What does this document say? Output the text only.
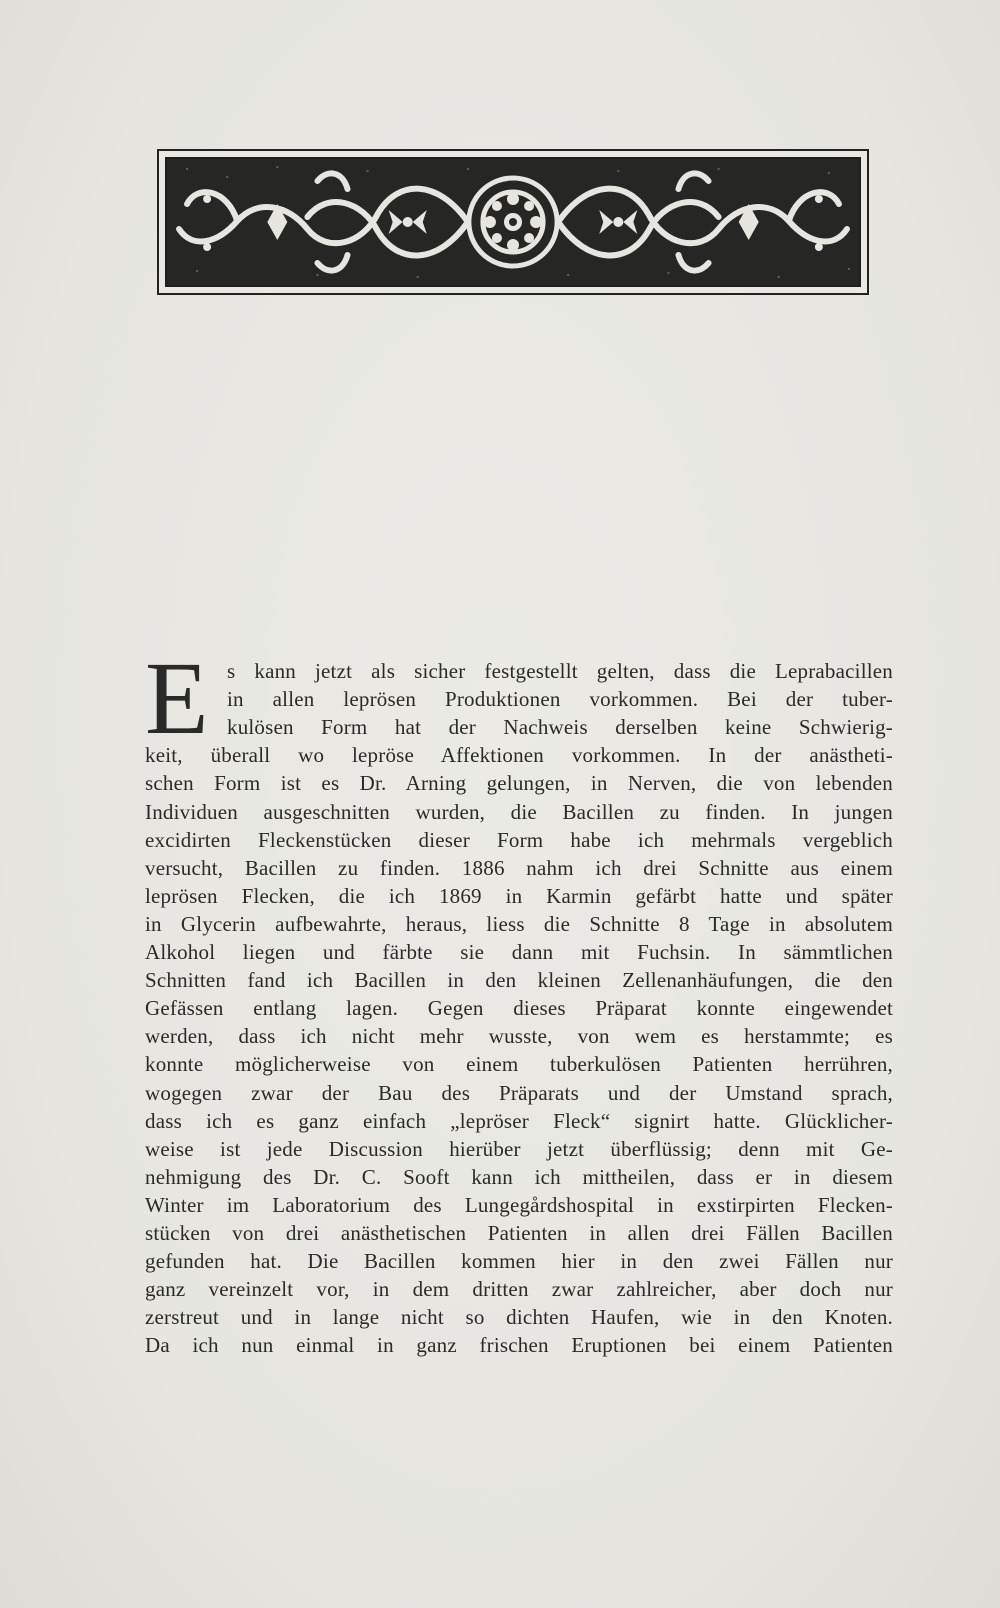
E s kann jetzt als sicher festgestellt gelten, dass die Leprabacillen
in allen leprösen Produktionen vorkommen. Bei der tuber-
kulösen Form hat der Nachweis derselben keine Schwierig-
keit, überall wo lepröse Affektionen vorkommen. In der anästheti-
schen Form ist es Dr. Arning gelungen, in Nerven, die von lebenden
Individuen ausgeschnitten wurden, die Bacillen zu finden. In jungen
excidirten Fleckenstücken dieser Form habe ich mehrmals vergeblich
versucht, Bacillen zu finden. 1886 nahm ich drei Schnitte aus einem
leprösen Flecken, die ich 1869 in Karmin gefärbt hatte und später
in Glycerin aufbewahrte, heraus, liess die Schnitte 8 Tage in absolutem
Alkohol liegen und färbte sie dann mit Fuchsin. In sämmtlichen
Schnitten fand ich Bacillen in den kleinen Zellenanhäufungen, die den
Gefässen entlang lagen. Gegen dieses Präparat konnte eingewendet
werden, dass ich nicht mehr wusste, von wem es herstammte; es
konnte möglicherweise von einem tuberkulösen Patienten herrühren,
wogegen zwar der Bau des Präparats und der Umstand sprach,
dass ich es ganz einfach „lepröser Fleck“ signirt hatte. Glücklicher-
weise ist jede Discussion hierüber jetzt überflüssig; denn mit Ge-
nehmigung des Dr. C. Sooft kann ich mittheilen, dass er in diesem
Winter im Laboratorium des Lungegårdshospital in exstirpirten Flecken-
stücken von drei anästhetischen Patienten in allen drei Fällen Bacillen
gefunden hat. Die Bacillen kommen hier in den zwei Fällen nur
ganz vereinzelt vor, in dem dritten zwar zahlreicher, aber doch nur
zerstreut und in lange nicht so dichten Haufen, wie in den Knoten.
Da ich nun einmal in ganz frischen Eruptionen bei einem Patienten
